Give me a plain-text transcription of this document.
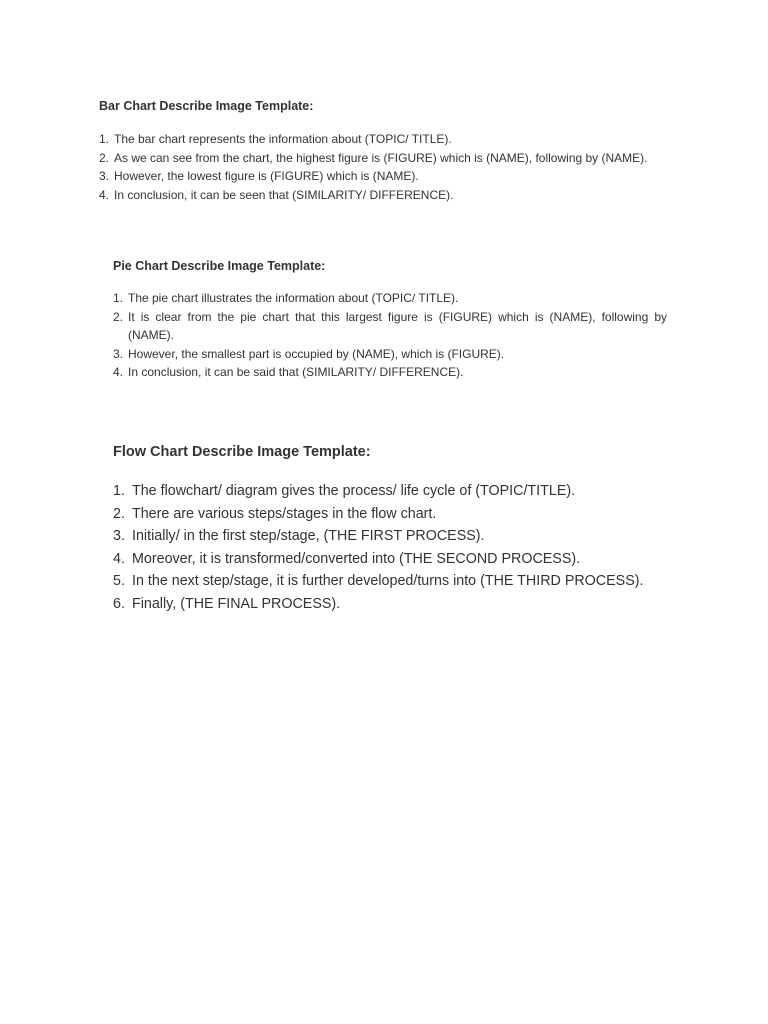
Bar Chart Describe Image Template:
1. The bar chart represents the information about (TOPIC/ TITLE).
2. As we can see from the chart, the highest figure is (FIGURE) which is (NAME), following by (NAME).
3. However, the lowest figure is (FIGURE) which is (NAME).
4. In conclusion, it can be seen that (SIMILARITY/ DIFFERENCE).
Pie Chart Describe Image Template:
1. The pie chart illustrates the information about (TOPIC/ TITLE).
2. It is clear from the pie chart that this largest figure is (FIGURE) which is (NAME), following by (NAME).
3. However, the smallest part is occupied by (NAME), which is (FIGURE).
4. In conclusion, it can be said that (SIMILARITY/ DIFFERENCE).
Flow Chart Describe Image Template:
1. The flowchart/ diagram gives the process/ life cycle of (TOPIC/TITLE).
2. There are various steps/stages in the flow chart.
3. Initially/ in the first step/stage, (THE FIRST PROCESS).
4. Moreover, it is transformed/converted into (THE SECOND PROCESS).
5. In the next step/stage, it is further developed/turns into (THE THIRD PROCESS).
6. Finally, (THE FINAL PROCESS).
